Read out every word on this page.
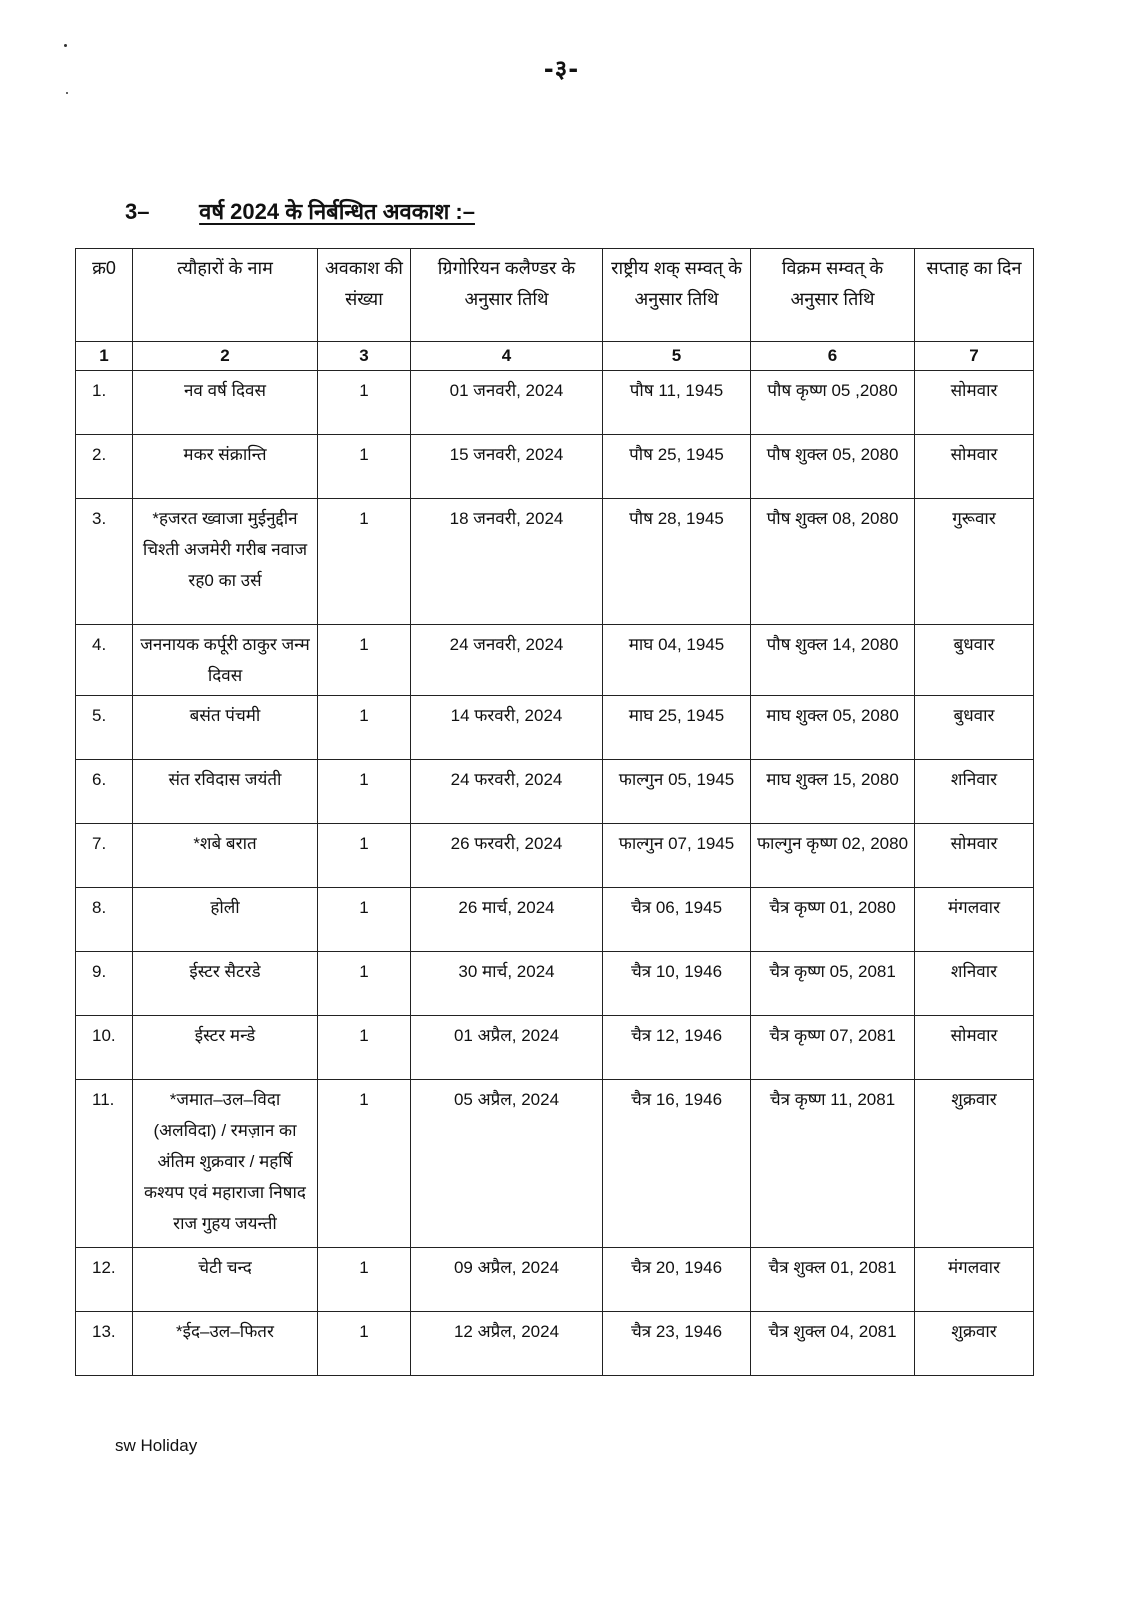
-३-
3– वर्ष 2024 के निर्बन्धित अवकाश :–
क्र0	त्यौहारों के नाम	अवकाश की संख्या	ग्रिगोरियन कलैण्डर के अनुसार तिथि	राष्ट्रीय शक् सम्वत् के अनुसार तिथि	विक्रम सम्वत् के अनुसार तिथि	सप्ताह का दिन
1	2	3	4	5	6	7
1.	नव वर्ष दिवस	1	01 जनवरी, 2024	पौष 11, 1945	पौष कृष्ण 05 ,2080	सोमवार
2.	मकर संक्रान्ति	1	15 जनवरी, 2024	पौष 25, 1945	पौष शुक्ल 05, 2080	सोमवार
3.	*हजरत ख्वाजा मुईनुद्दीन चिश्ती अजमेरी गरीब नवाज रह0 का उर्स	1	18 जनवरी, 2024	पौष 28, 1945	पौष शुक्ल 08, 2080	गुरूवार
4.	जननायक कर्पूरी ठाकुर जन्म दिवस	1	24 जनवरी, 2024	माघ 04, 1945	पौष शुक्ल 14, 2080	बुधवार
5.	बसंत पंचमी	1	14 फरवरी, 2024	माघ 25, 1945	माघ शुक्ल 05, 2080	बुधवार
6.	संत रविदास जयंती	1	24 फरवरी, 2024	फाल्गुन 05, 1945	माघ शुक्ल 15, 2080	शनिवार
7.	*शबे बरात	1	26 फरवरी, 2024	फाल्गुन 07, 1945	फाल्गुन कृष्ण 02, 2080	सोमवार
8.	होली	1	26 मार्च, 2024	चैत्र 06, 1945	चैत्र कृष्ण 01, 2080	मंगलवार
9.	ईस्टर सैटरडे	1	30 मार्च, 2024	चैत्र 10, 1946	चैत्र कृष्ण 05, 2081	शनिवार
10.	ईस्टर मन्डे	1	01 अप्रैल, 2024	चैत्र 12, 1946	चैत्र कृष्ण 07, 2081	सोमवार
11.	*जमात–उल–विदा (अलविदा) / रमज़ान का अंतिम शुक्रवार / महर्षि कश्यप एवं महाराजा निषाद राज गुहय जयन्ती	1	05 अप्रैल, 2024	चैत्र 16, 1946	चैत्र कृष्ण 11, 2081	शुक्रवार
12.	चेटी चन्द	1	09 अप्रैल, 2024	चैत्र 20, 1946	चैत्र शुक्ल 01, 2081	मंगलवार
13.	*ईद–उल–फितर	1	12 अप्रैल, 2024	चैत्र 23, 1946	चैत्र शुक्ल 04, 2081	शुक्रवार
sw Holiday
